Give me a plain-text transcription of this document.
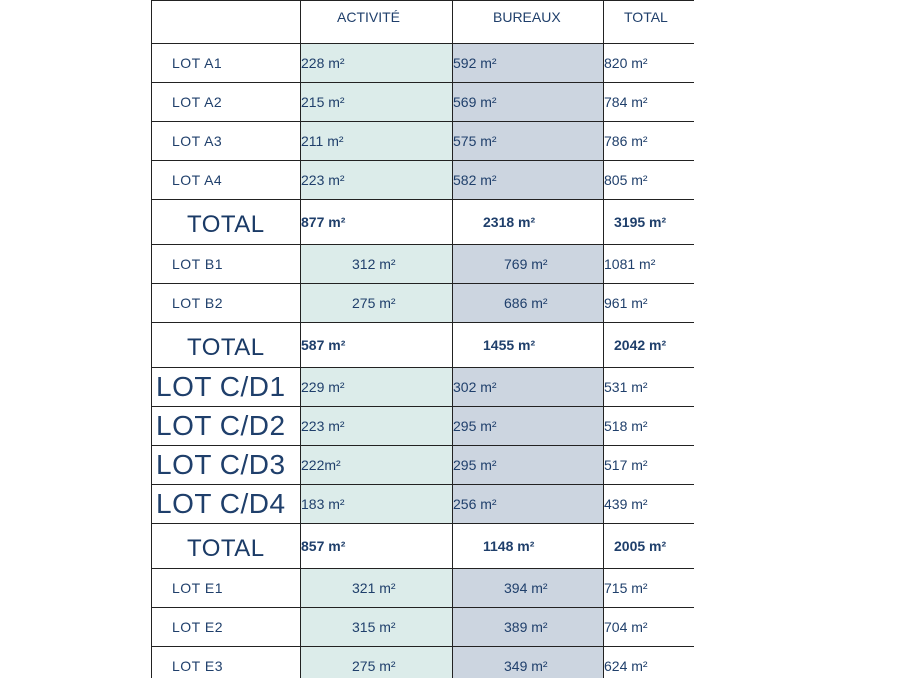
	ACTIVITÉ	BUREAUX	TOTAL
LOT A1	228 m²	592 m²	820 m²
LOT A2	215 m²	569 m²	784 m²
LOT A3	211 m²	575 m²	786 m²
LOT A4	223 m²	582 m²	805 m²
TOTAL	877 m²	2318 m²	3195 m²
LOT B1	312 m²	769 m²	1081 m²
LOT B2	275 m²	686 m²	961 m²
TOTAL	587 m²	1455 m²	2042 m²
LOT C/D1	229 m²	302 m²	531 m²
LOT C/D2	223 m²	295 m²	518 m²
LOT C/D3	222m²	295 m²	517 m²
LOT C/D4	183 m²	256 m²	439 m²
TOTAL	857 m²	1148 m²	2005 m²
LOT E1	321 m²	394 m²	715 m²
LOT E2	315 m²	389 m²	704 m²
LOT E3	275 m²	349 m²	624 m²
